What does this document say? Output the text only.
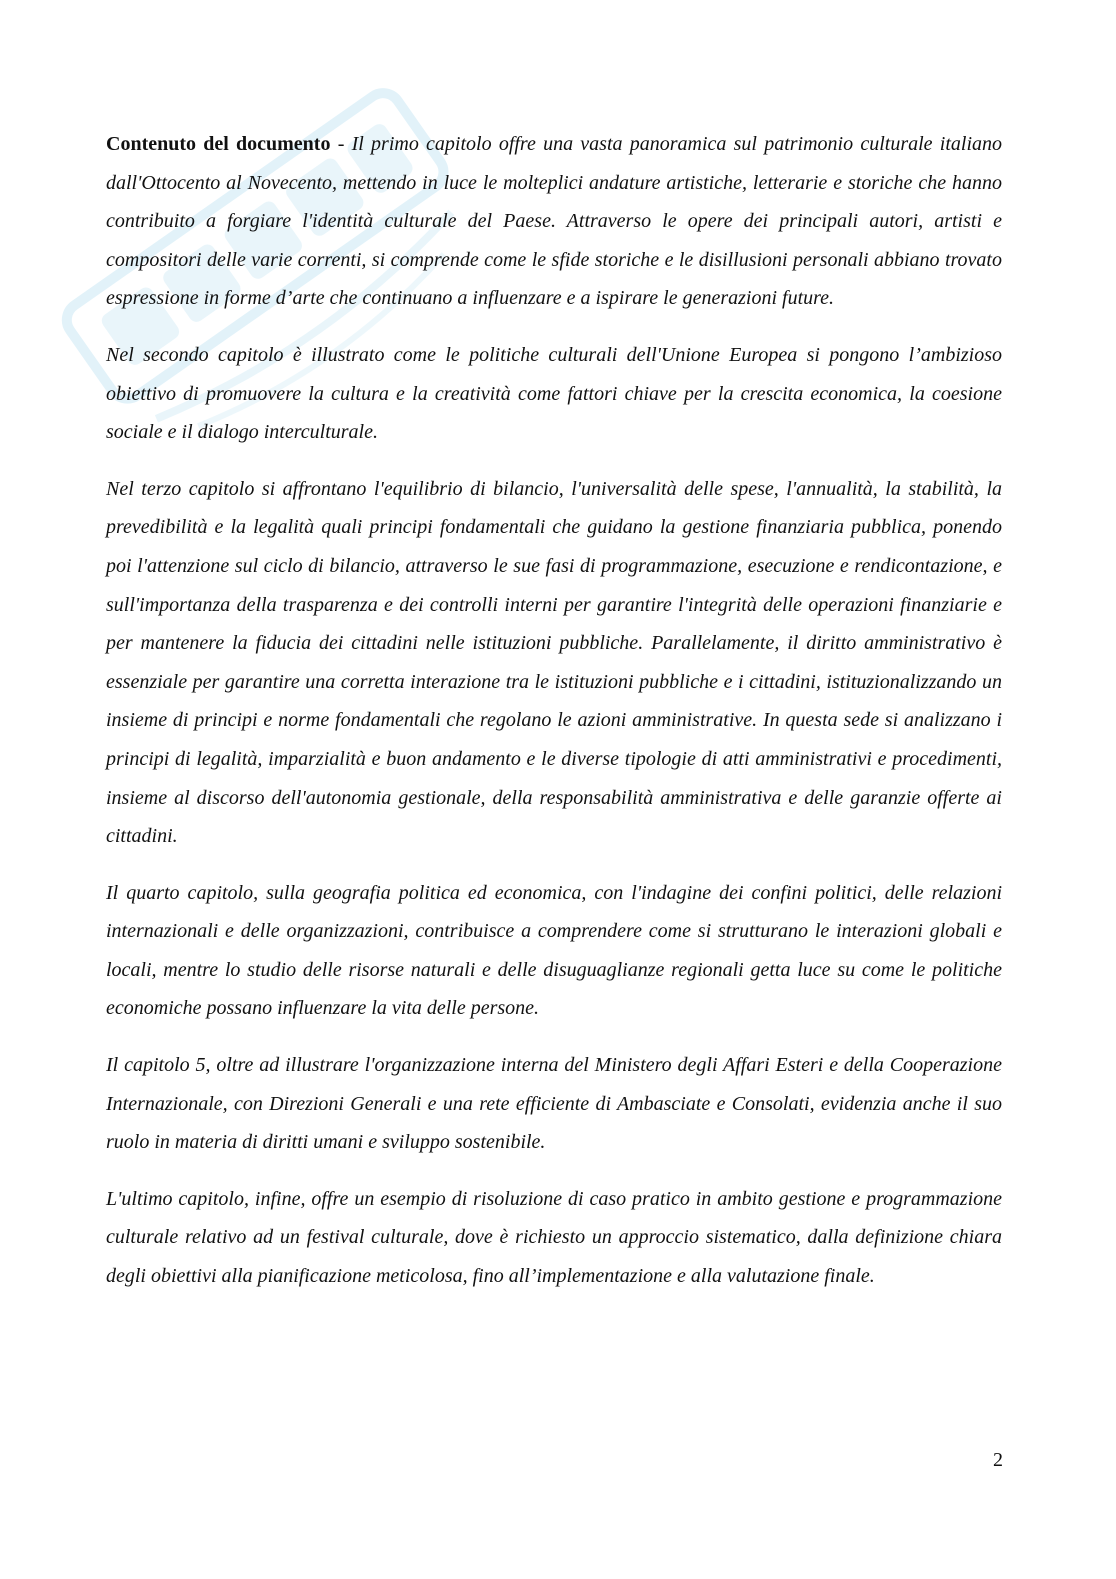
Contenuto del documento - Il primo capitolo offre una vasta panoramica sul patrimonio culturale italiano dall'Ottocento al Novecento, mettendo in luce le molteplici andature artistiche, letterarie e storiche che hanno contribuito a forgiare l'identità culturale del Paese. Attraverso le opere dei principali autori, artisti e compositori delle varie correnti, si comprende come le sfide storiche e le disillusioni personali abbiano trovato espressione in forme d’arte che continuano a influenzare e a ispirare le generazioni future.

Nel secondo capitolo è illustrato come le politiche culturali dell'Unione Europea si pongono l’ambizioso obiettivo di promuovere la cultura e la creatività come fattori chiave per la crescita economica, la coesione sociale e il dialogo interculturale.

Nel terzo capitolo si affrontano l'equilibrio di bilancio, l'universalità delle spese, l'annualità, la stabilità, la prevedibilità e la legalità quali principi fondamentali che guidano la gestione finanziaria pubblica, ponendo poi l'attenzione sul ciclo di bilancio, attraverso le sue fasi di programmazione, esecuzione e rendicontazione, e sull'importanza della trasparenza e dei controlli interni per garantire l'integrità delle operazioni finanziarie e per mantenere la fiducia dei cittadini nelle istituzioni pubbliche. Parallelamente, il diritto amministrativo è essenziale per garantire una corretta interazione tra le istituzioni pubbliche e i cittadini, istituzionalizzando un insieme di principi e norme fondamentali che regolano le azioni amministrative. In questa sede si analizzano i principi di legalità, imparzialità e buon andamento e le diverse tipologie di atti amministrativi e procedimenti, insieme al discorso dell'autonomia gestionale, della responsabilità amministrativa e delle garanzie offerte ai cittadini.

Il quarto capitolo, sulla geografia politica ed economica, con l'indagine dei confini politici, delle relazioni internazionali e delle organizzazioni, contribuisce a comprendere come si strutturano le interazioni globali e locali, mentre lo studio delle risorse naturali e delle disuguaglianze regionali getta luce su come le politiche economiche possano influenzare la vita delle persone.

Il capitolo 5, oltre ad illustrare l'organizzazione interna del Ministero degli Affari Esteri e della Cooperazione Internazionale, con Direzioni Generali e una rete efficiente di Ambasciate e Consolati, evidenzia anche il suo ruolo in materia di diritti umani e sviluppo sostenibile.

L'ultimo capitolo, infine, offre un esempio di risoluzione di caso pratico in ambito gestione e programmazione culturale relativo ad un festival culturale, dove è richiesto un approccio sistematico, dalla definizione chiara degli obiettivi alla pianificazione meticolosa, fino all’implementazione e alla valutazione finale.

2
